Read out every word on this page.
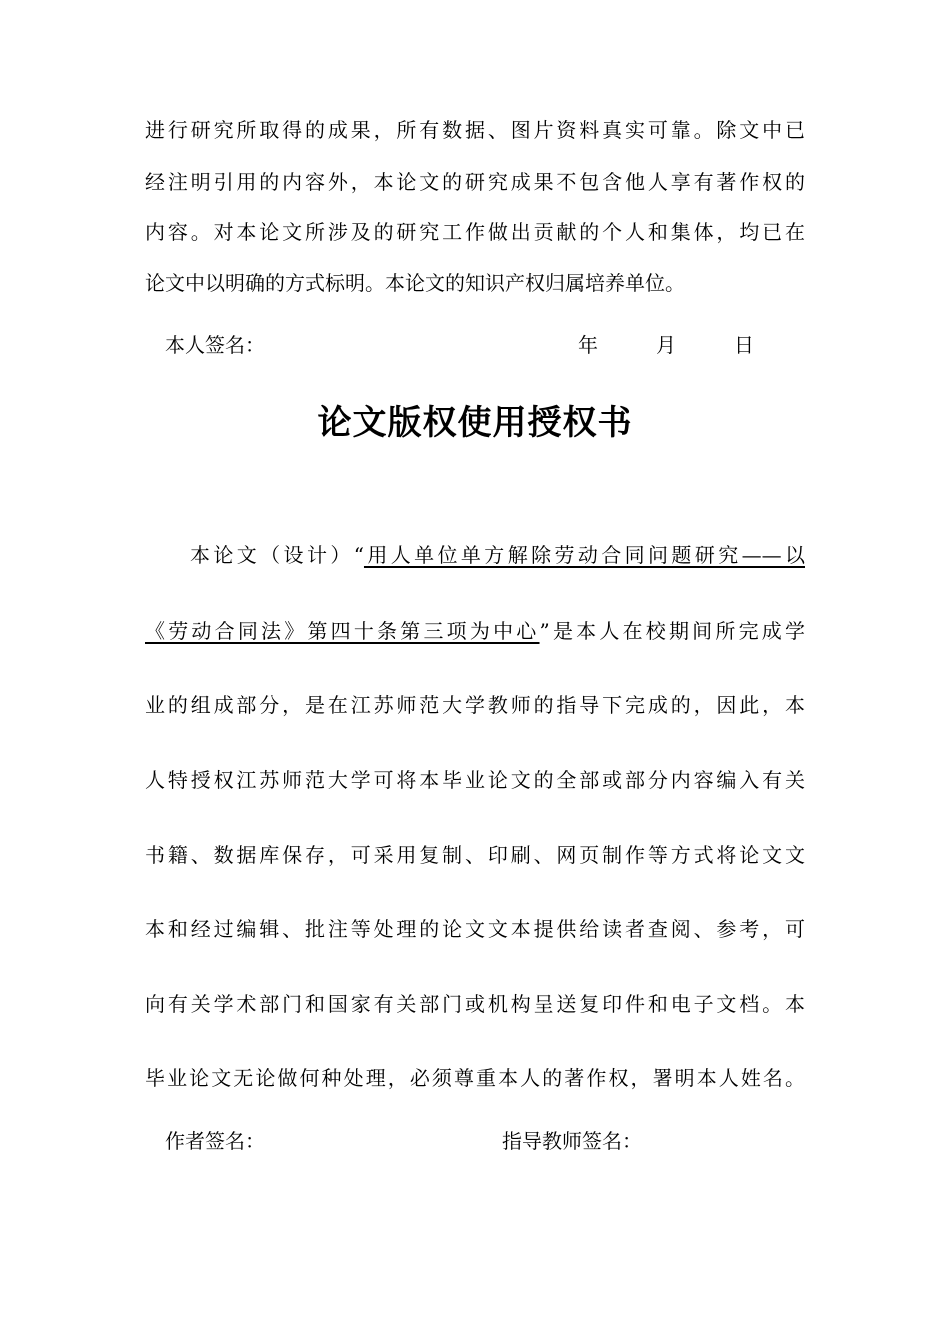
进行研究所取得的成果，所有数据、图片资料真实可靠。除文中已
经注明引用的内容外，本论文的研究成果不包含他人享有著作权的
内容。对本论文所涉及的研究工作做出贡献的个人和集体，均已在
论文中以明确的方式标明。本论文的知识产权归属培养单位。
本人签名：	年	月	日
论文版权使用授权书
本论文（设计）“用人单位单方解除劳动合同问题研究——以
《劳动合同法》第四十条第三项为中心”是本人在校期间所完成学
业的组成部分，是在江苏师范大学教师的指导下完成的，因此，本
人特授权江苏师范大学可将本毕业论文的全部或部分内容编入有关
书籍、数据库保存，可采用复制、印刷、网页制作等方式将论文文
本和经过编辑、批注等处理的论文文本提供给读者查阅、参考，可
向有关学术部门和国家有关部门或机构呈送复印件和电子文档。本
毕业论文无论做何种处理，必须尊重本人的著作权，署明本人姓名。
作者签名：	指导教师签名：
